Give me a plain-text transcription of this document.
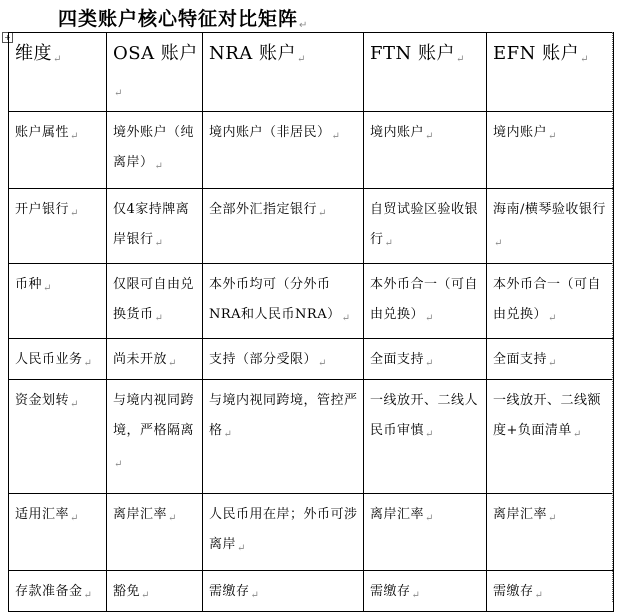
四类账户核心特征对比矩阵↵
+
维度↵	OSA 账户↵	NRA 账户↵	FTN 账户↵	EFN 账户↵
账户属性$_↵$	境外账户（纯离岸）$_↵$	境内账户（非居民）$_↵$	境内账户$_↵$	境内账户$_↵$
开户银行$_↵$	仅4家持牌离岸银行$_↵$	全部外汇指定银行$_↵$	自贸试验区验收银行$_↵$	海南/横琴验收银行$_↵$
币种$_↵$	仅限可自由兑换货币$_↵$	本外币均可（分外币NRA和人民币$NRA)_↵$	本外币合一（可自由兑换）$_↵$	本外币合一（可自由兑换）$_↵$
人民币业务$_↵$	尚未开放$_↵$	支持（部分受限）$_↵$	全面支持$_↵$	全面支持$_↵$
资金划转$_↵$	与境内视同跨境，严格隔离$_↵$	与境内视同跨境，管控严格$_↵$	一线放开、二线人民币审慎$_↵$	一线放开、二线额度+负面清单$_↵$
适用汇率$_↵$	离岸汇率$_↵$	人民币用在岸；外币可涉离岸$_↵$	离岸汇率$_↵$	离岸汇率$_↵$
存款准备金$_↵$	豁免$_↵$	需缴存$_↵$	需缴存$_↵$	需缴存$_↵$
